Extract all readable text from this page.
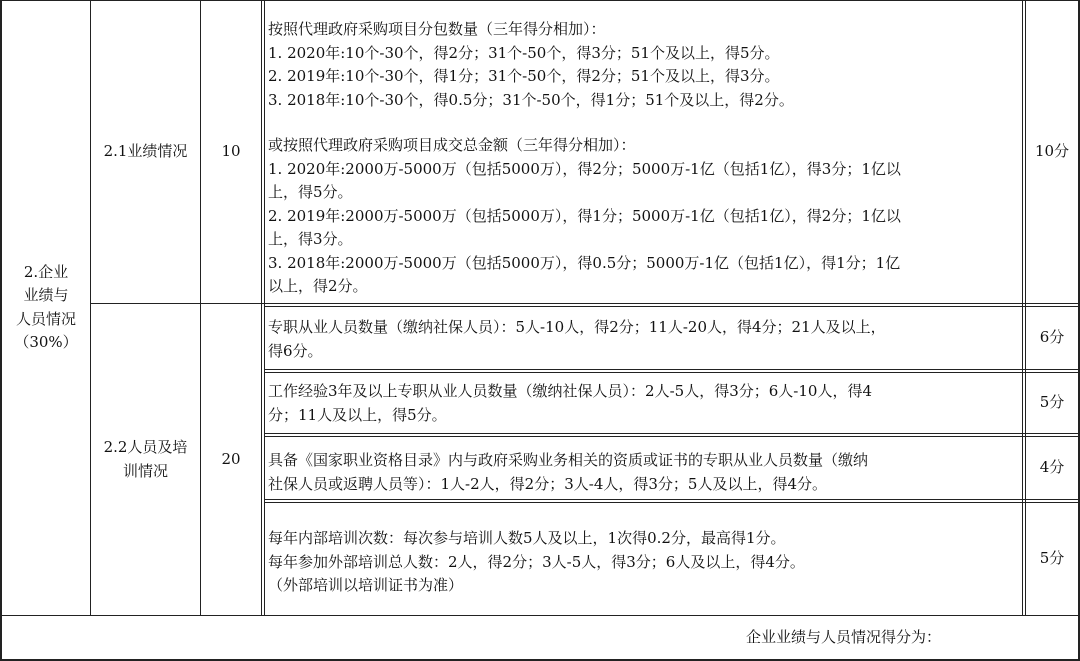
2.企业
业绩与
人员情况
（30%）
2.1业绩情况 10
按照代理政府采购项目分包数量（三年得分相加）：
1. 2020年:10个-30个，得2分；31个-50个，得3分；51个及以上，得5分。
2. 2019年:10个-30个，得1分；31个-50个，得2分；51个及以上，得3分。
3. 2018年:10个-30个，得0.5分；31个-50个，得1分；51个及以上，得2分。
或按照代理政府采购项目成交总金额（三年得分相加）：
1. 2020年:2000万-5000万（包括5000万），得2分；5000万-1亿（包括1亿），得3分；1亿以
上，得5分。
2. 2019年:2000万-5000万（包括5000万），得1分；5000万-1亿（包括1亿），得2分；1亿以
上，得3分。
3. 2018年:2000万-5000万（包括5000万），得0.5分；5000万-1亿（包括1亿），得1分；1亿
以上，得2分。
10分
2.2人员及培
训情况
20
专职从业人员数量（缴纳社保人员）：5人-10人，得2分；11人-20人，得4分；21人及以上，
得6分。
6分
工作经验3年及以上专职从业人员数量（缴纳社保人员）：2人-5人，得3分；6人-10人，得4
分；11人及以上，得5分。
5分
具备《国家职业资格目录》内与政府采购业务相关的资质或证书的专职从业人员数量（缴纳
社保人员或返聘人员等）：1人-2人，得2分；3人-4人，得3分；5人及以上，得4分。
4分
每年内部培训次数：每次参与培训人数5人及以上，1次得0.2分，最高得1分。
每年参加外部培训总人数：2人，得2分；3人-5人，得3分；6人及以上，得4分。
（外部培训以培训证书为准）
5分
企业业绩与人员情况得分为：
